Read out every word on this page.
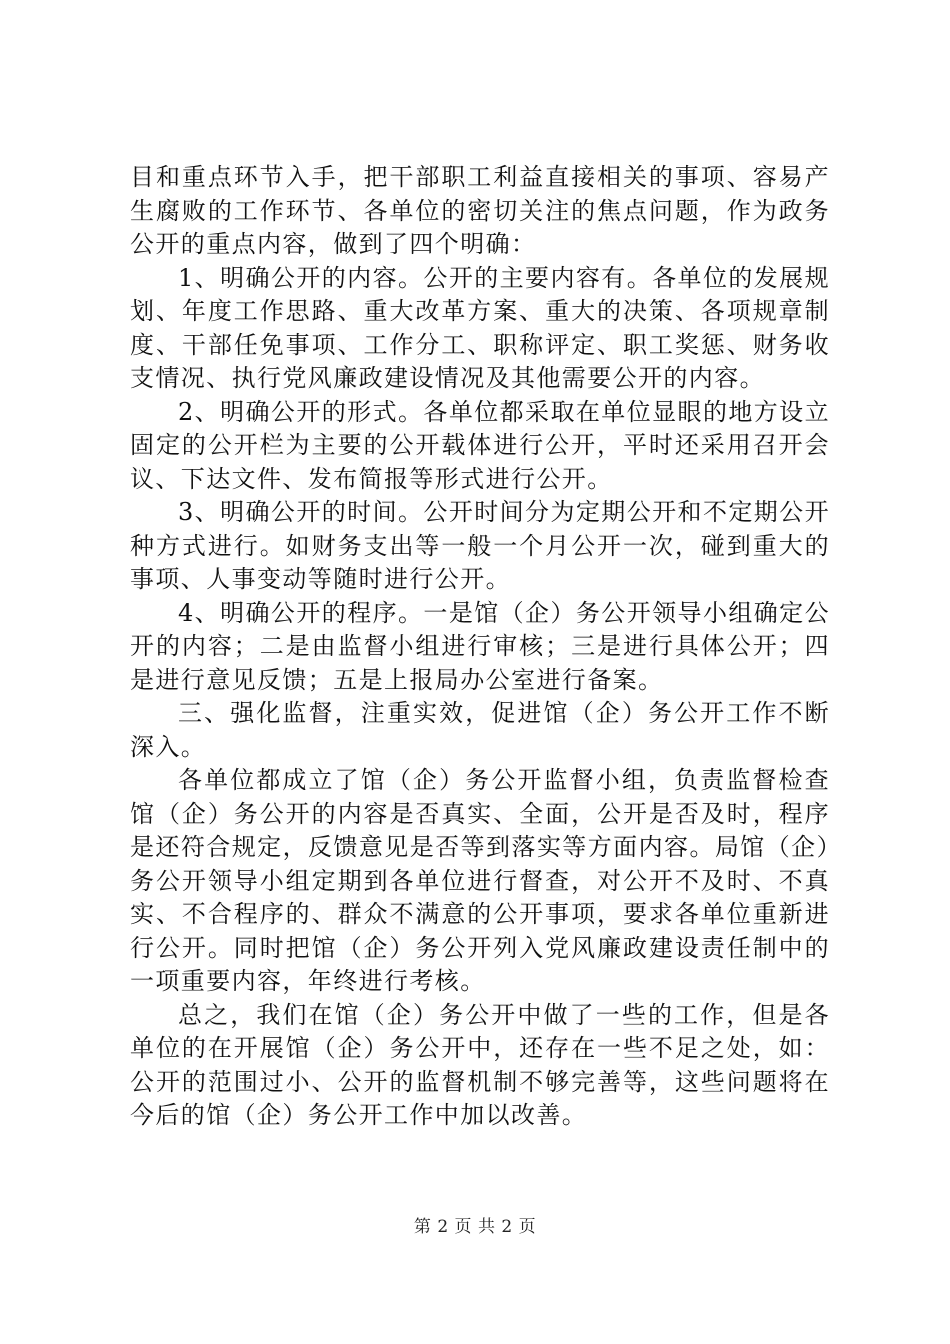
目和重点环节入手，把干部职工利益直接相关的事项、容易产生腐败的工作环节、各单位的密切关注的焦点问题，作为政务公开的重点内容，做到了四个明确：

1、明确公开的内容。公开的主要内容有。各单位的发展规划、年度工作思路、重大改革方案、重大的决策、各项规章制度、干部任免事项、工作分工、职称评定、职工奖惩、财务收支情况、执行党风廉政建设情况及其他需要公开的内容。

2、明确公开的形式。各单位都采取在单位显眼的地方设立固定的公开栏为主要的公开载体进行公开，平时还采用召开会议、下达文件、发布简报等形式进行公开。

3、明确公开的时间。公开时间分为定期公开和不定期公开种方式进行。如财务支出等一般一个月公开一次，碰到重大的事项、人事变动等随时进行公开。

4、明确公开的程序。一是馆（企）务公开领导小组确定公开的内容；二是由监督小组进行审核；三是进行具体公开；四是进行意见反馈；五是上报局办公室进行备案。

三、强化监督，注重实效，促进馆（企）务公开工作不断深入。

各单位都成立了馆（企）务公开监督小组，负责监督检查馆（企）务公开的内容是否真实、全面，公开是否及时，程序是还符合规定，反馈意见是否等到落实等方面内容。局馆（企）务公开领导小组定期到各单位进行督查，对公开不及时、不真实、不合程序的、群众不满意的公开事项，要求各单位重新进行公开。同时把馆（企）务公开列入党风廉政建设责任制中的一项重要内容，年终进行考核。

总之，我们在馆（企）务公开中做了一些的工作，但是各单位的在开展馆（企）务公开中，还存在一些不足之处，如：公开的范围过小、公开的监督机制不够完善等，这些问题将在今后的馆（企）务公开工作中加以改善。

第 2 页 共 2 页
